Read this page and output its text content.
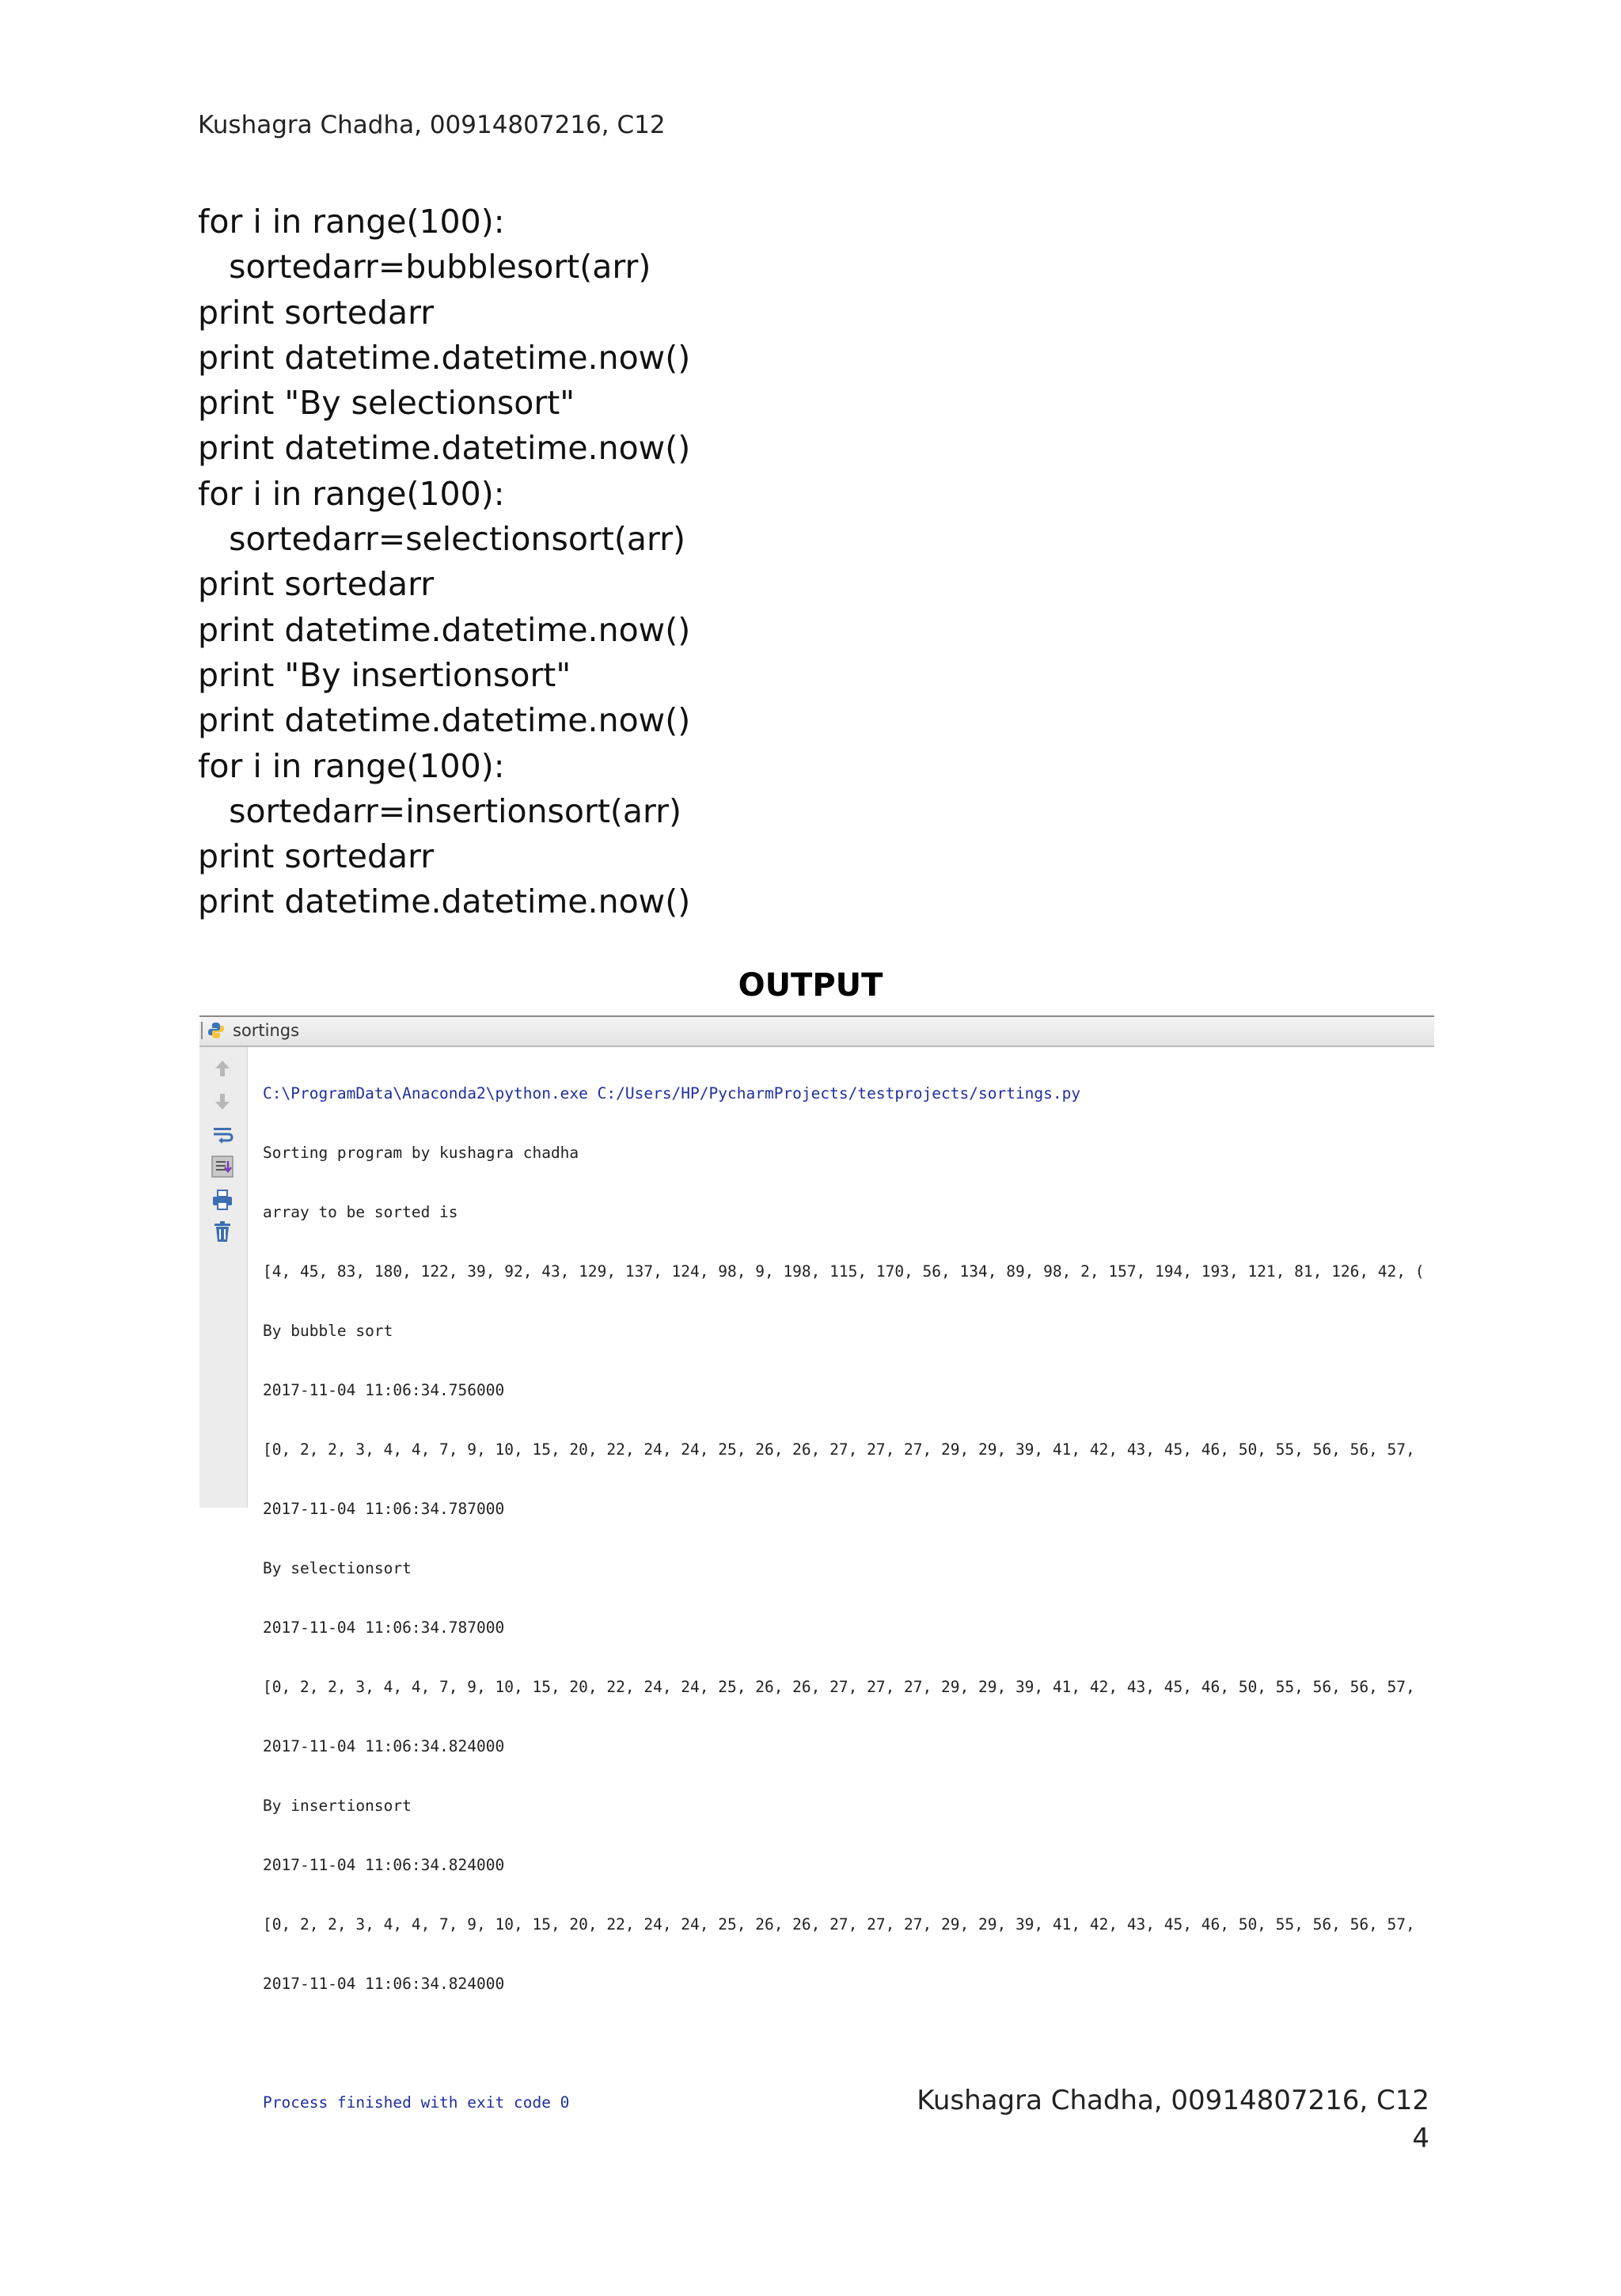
Kushagra Chadha, 00914807216, C12
for i in range(100):
sortedarr=bubblesort(arr)
print sortedarr
print datetime.datetime.now()
print "By selectionsort"
print datetime.datetime.now()
for i in range(100):
sortedarr=selectionsort(arr)
print sortedarr
print datetime.datetime.now()
print "By insertionsort"
print datetime.datetime.now()
for i in range(100):
sortedarr=insertionsort(arr)
print sortedarr
print datetime.datetime.now()
OUTPUT
sortings

C:\ProgramData\Anaconda2\python.exe C:/Users/HP/PycharmProjects/testprojects/sortings.py

Sorting program by kushagra chadha

array to be sorted is

[4, 45, 83, 180, 122, 39, 92, 43, 129, 137, 124, 98, 9, 198, 115, 170, 56, 134, 89, 98, 2, 157, 194, 193, 121, 81, 126, 42, (

By bubble sort

2017-11-04 11:06:34.756000

[0, 2, 2, 3, 4, 4, 7, 9, 10, 15, 20, 22, 24, 24, 25, 26, 26, 27, 27, 27, 29, 29, 39, 41, 42, 43, 45, 46, 50, 55, 56, 56, 57,

2017-11-04 11:06:34.787000

By selectionsort

2017-11-04 11:06:34.787000

[0, 2, 2, 3, 4, 4, 7, 9, 10, 15, 20, 22, 24, 24, 25, 26, 26, 27, 27, 27, 29, 29, 39, 41, 42, 43, 45, 46, 50, 55, 56, 56, 57,

2017-11-04 11:06:34.824000

By insertionsort

2017-11-04 11:06:34.824000

[0, 2, 2, 3, 4, 4, 7, 9, 10, 15, 20, 22, 24, 24, 25, 26, 26, 27, 27, 27, 29, 29, 39, 41, 42, 43, 45, 46, 50, 55, 56, 56, 57,

2017-11-04 11:06:34.824000

Process finished with exit code 0

	Kushagra Chadha, 00914807216, C12
4
